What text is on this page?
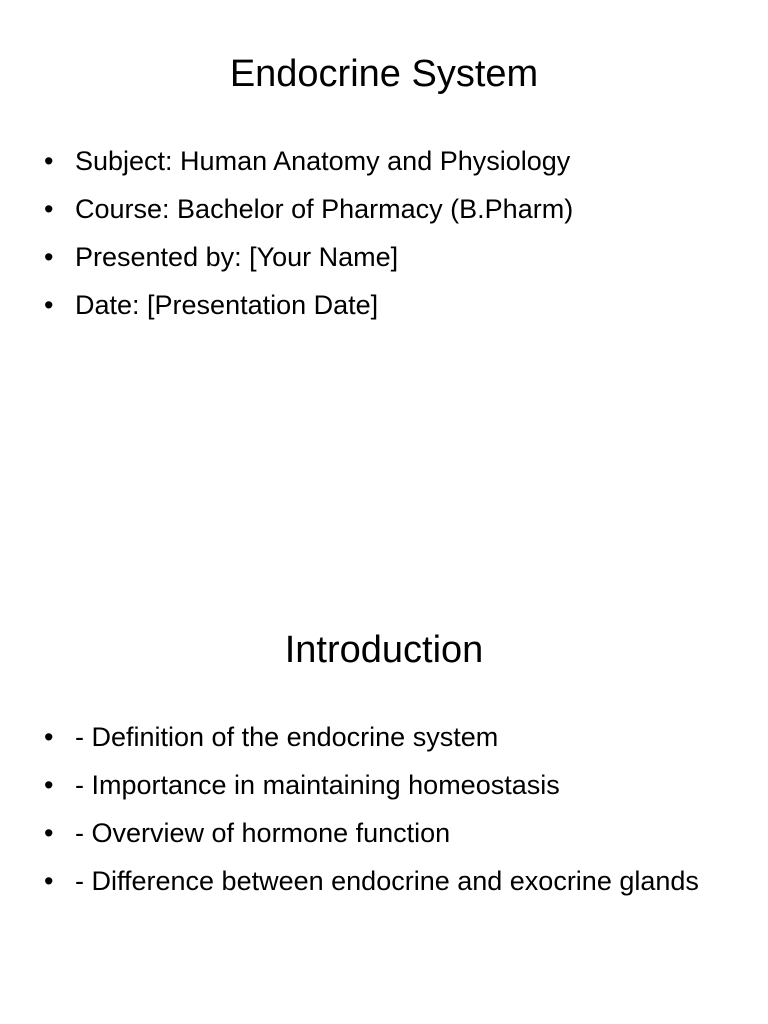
Endocrine System
• Subject: Human Anatomy and Physiology
• Course: Bachelor of Pharmacy (B.Pharm)
• Presented by: [Your Name]
• Date: [Presentation Date]
Introduction
• - Definition of the endocrine system
• - Importance in maintaining homeostasis
• - Overview of hormone function
• - Difference between endocrine and exocrine glands
